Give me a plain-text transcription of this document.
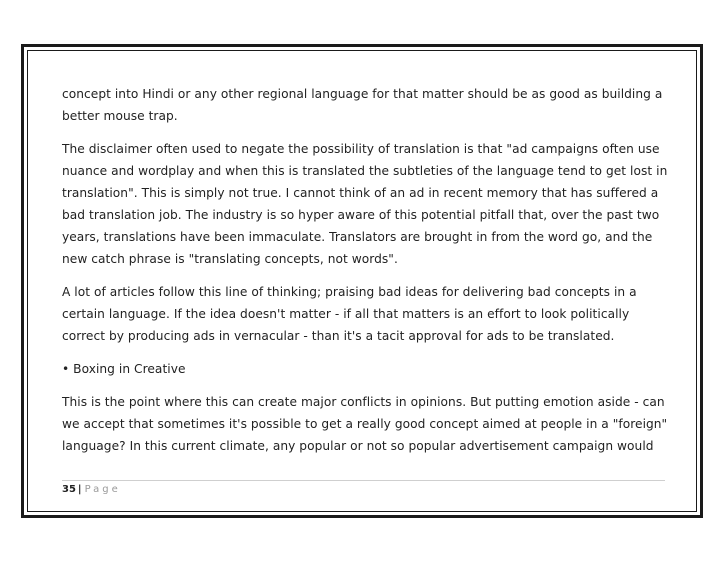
concept into Hindi or any other regional language for that matter should be as good as building a
better mouse trap.
The disclaimer often used to negate the possibility of translation is that "ad campaigns often use
nuance and wordplay and when this is translated the subtleties of the language tend to get lost in
translation". This is simply not true. I cannot think of an ad in recent memory that has suffered a
bad translation job. The industry is so hyper aware of this potential pitfall that, over the past two
years, translations have been immaculate. Translators are brought in from the word go, and the
new catch phrase is "translating concepts, not words".
A lot of articles follow this line of thinking; praising bad ideas for delivering bad concepts in a
certain language. If the idea doesn't matter - if all that matters is an effort to look politically
correct by producing ads in vernacular - than it's a tacit approval for ads to be translated.
• Boxing in Creative
This is the point where this can create major conflicts in opinions. But putting emotion aside - can
we accept that sometimes it's possible to get a really good concept aimed at people in a "foreign"
language? In this current climate, any popular or not so popular advertisement campaign would
35 | Page
